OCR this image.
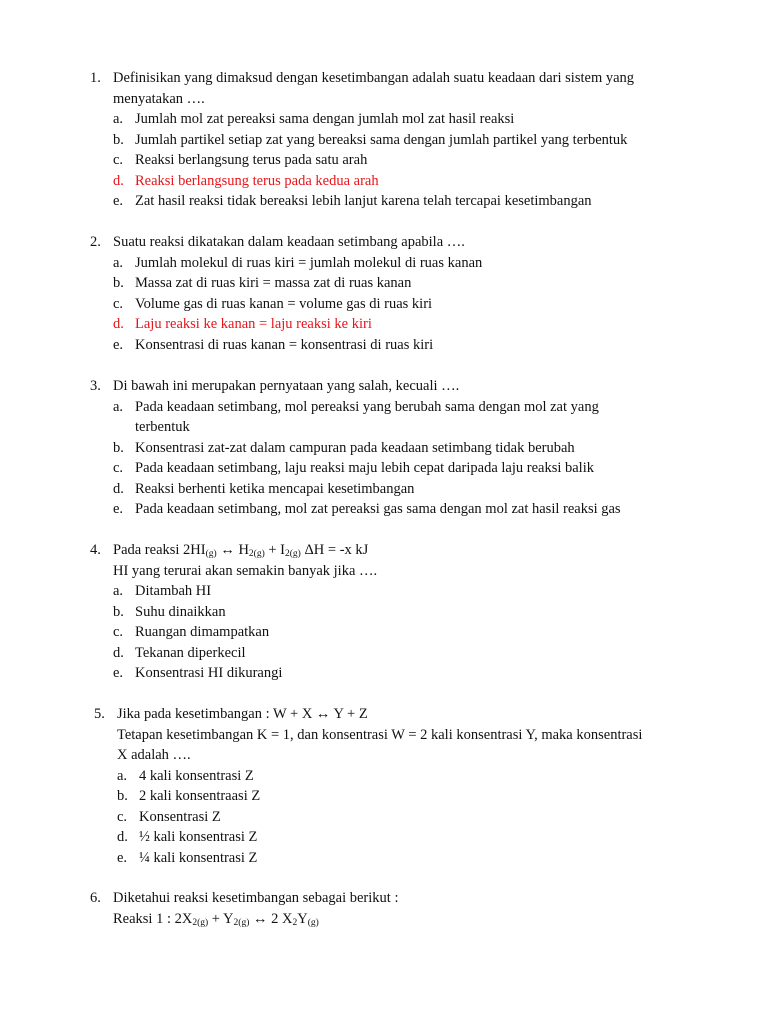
1. Definisikan yang dimaksud dengan kesetimbangan adalah suatu keadaan dari sistem yang
menyatakan ….
a. Jumlah mol zat pereaksi sama dengan jumlah mol zat hasil reaksi
b. Jumlah partikel setiap zat yang bereaksi sama dengan jumlah partikel yang terbentuk
c. Reaksi berlangsung terus pada satu arah
d. Reaksi berlangsung terus pada kedua arah
e. Zat hasil reaksi tidak bereaksi lebih lanjut karena telah tercapai kesetimbangan
2. Suatu reaksi dikatakan dalam keadaan setimbang apabila ….
a. Jumlah molekul di ruas kiri = jumlah molekul di ruas kanan
b. Massa zat di ruas kiri = massa zat di ruas kanan
c. Volume gas di ruas kanan = volume gas di ruas kiri
d. Laju reaksi ke kanan = laju reaksi ke kiri
e. Konsentrasi di ruas kanan = konsentrasi di ruas kiri
3. Di bawah ini merupakan pernyataan yang salah, kecuali ….
a. Pada keadaan setimbang, mol pereaksi yang berubah sama dengan mol zat yang
terbentuk
b. Konsentrasi zat-zat dalam campuran pada keadaan setimbang tidak berubah
c. Pada keadaan setimbang, laju reaksi maju lebih cepat daripada laju reaksi balik
d. Reaksi berhenti ketika mencapai kesetimbangan
e. Pada keadaan setimbang, mol zat pereaksi gas sama dengan mol zat hasil reaksi gas
4. Pada reaksi $2HI_{(g)}$ ↔ $H_{2(g)} + I_{2(g)}$ ΔH = -x kJ
HI yang terurai akan semakin banyak jika ….
a. Ditambah HI
b. Suhu dinaikkan
c. Ruangan dimampatkan
d. Tekanan diperkecil
e. Konsentrasi HI dikurangi
5. Jika pada kesetimbangan : W + X ↔ Y + Z
Tetapan kesetimbangan K = 1, dan konsentrasi W = 2 kali konsentrasi Y, maka konsentrasi
X adalah ….
a. 4 kali konsentrasi Z
b. 2 kali konsentraasi Z
c. Konsentrasi Z
d. ½ kali konsentrasi Z
e. ¼ kali konsentrasi Z
6. Diketahui reaksi kesetimbangan sebagai berikut :
Reaksi 1 : $2X_{2(g)} + Y_{2(g)}$ ↔ 2 $X_2Y_{(g)}$
